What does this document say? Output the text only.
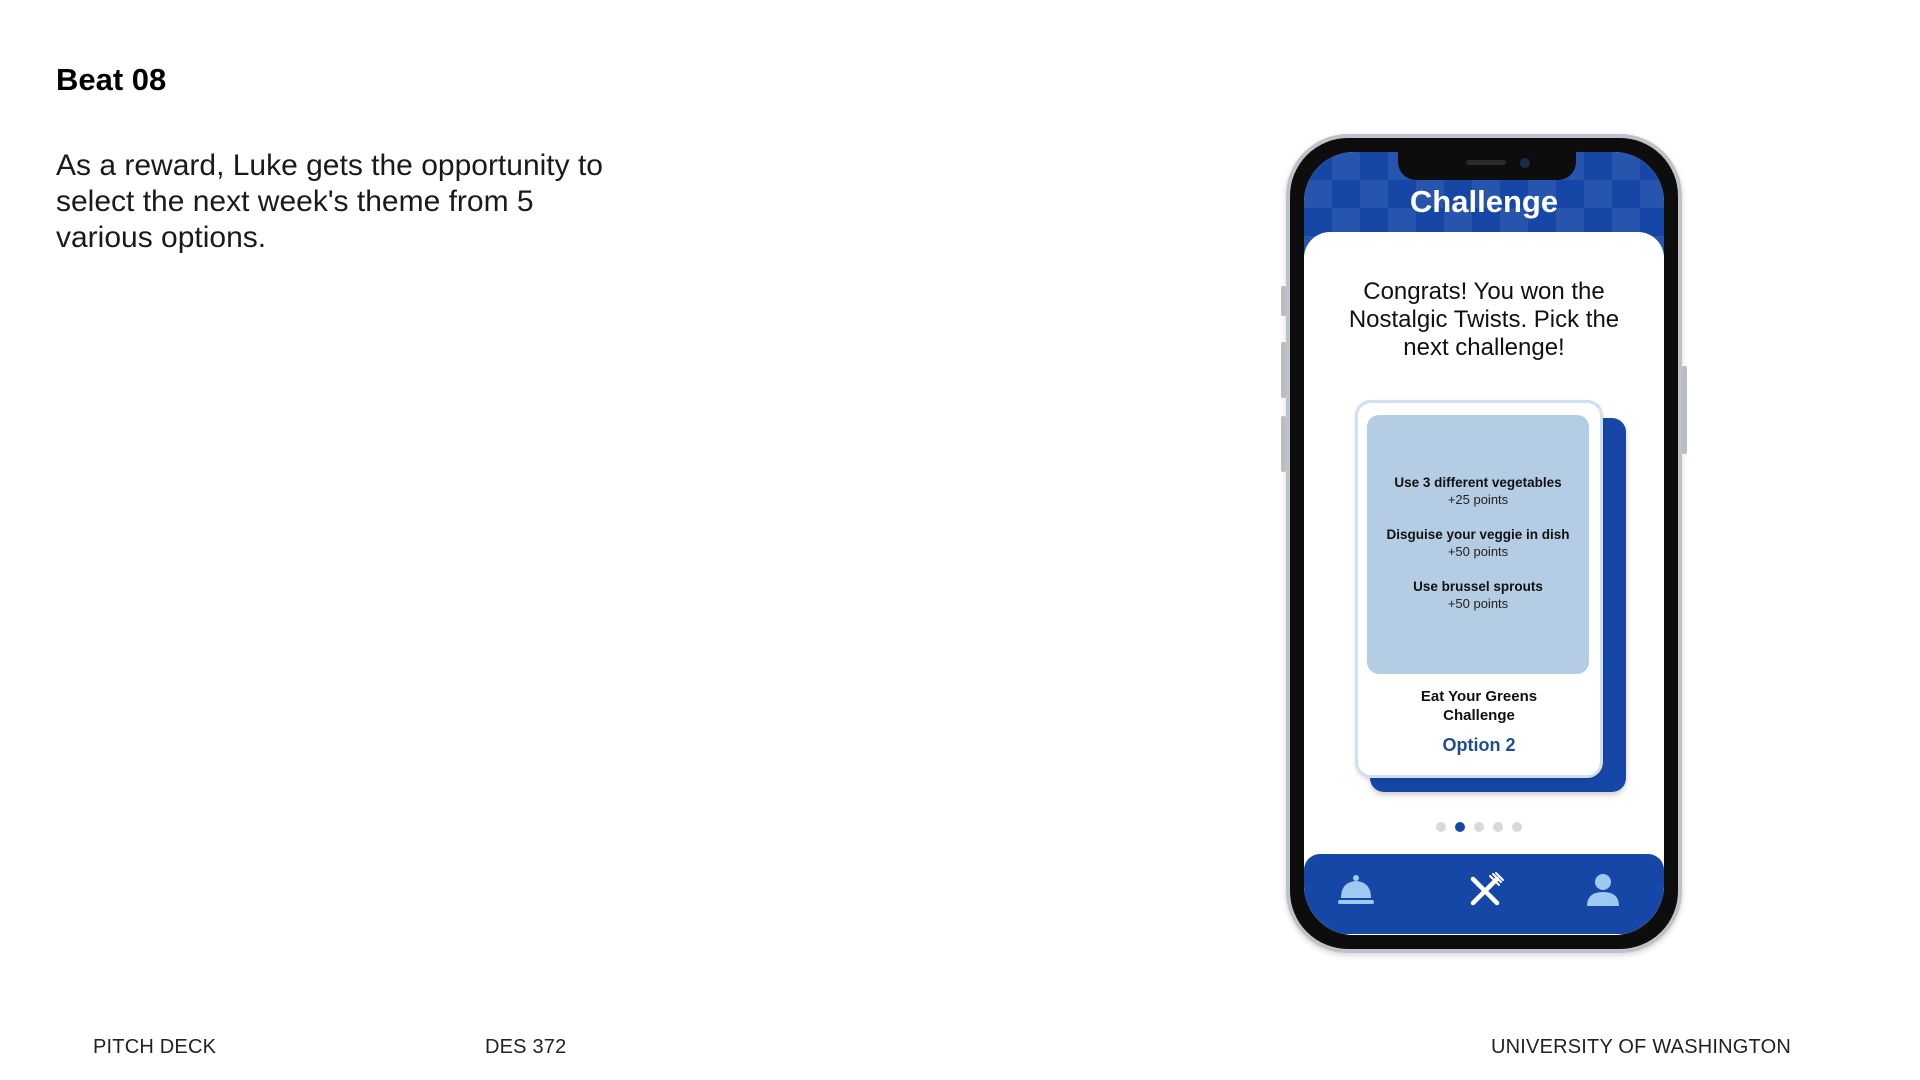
Beat 08
As a reward, Luke gets the opportunity to select the next week's theme from 5 various options.
Challenge
Congrats! You won the Nostalgic Twists. Pick the next challenge!
Use 3 different vegetables
+25 points
Disguise your veggie in dish
+50 points
Use brussel sprouts
+50 points
Eat Your Greens
Challenge
Option 2
PITCH DECK	DES 372	UNIVERSITY OF WASHINGTON
